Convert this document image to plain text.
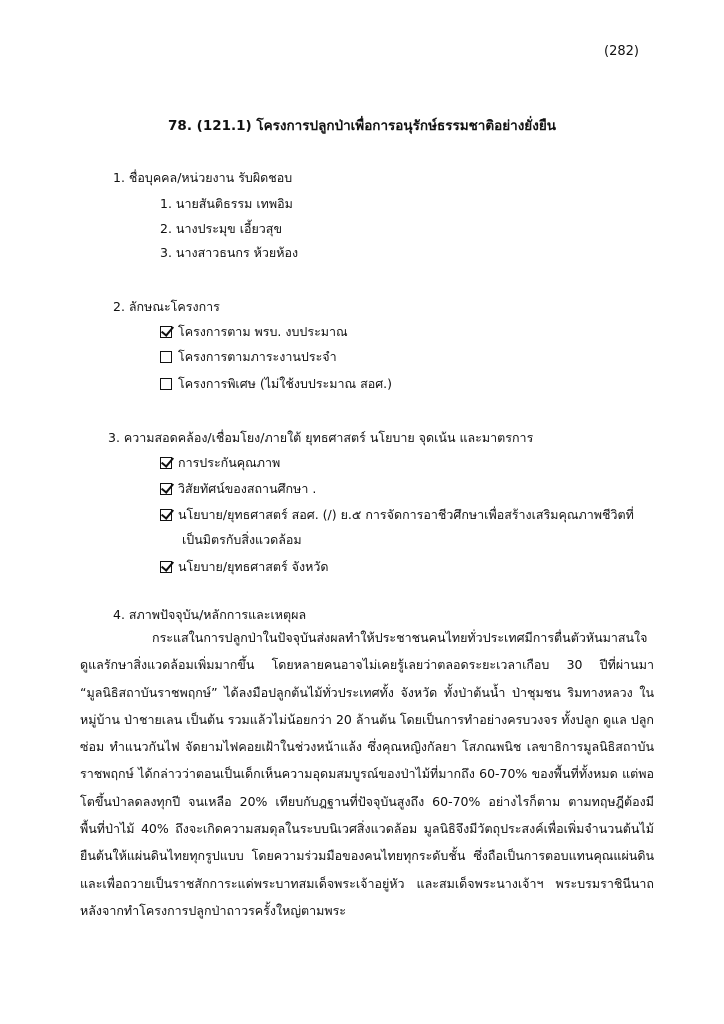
(282)
78. (121.1) โครงการปลูกป่าเพื่อการอนุรักษ์ธรรมชาติอย่างยั่งยืน
1. ชื่อบุคคล/หน่วยงาน รับผิดชอบ
1. นายสันติธรรม เทพอิม
2. นางประมุข เอี้ยวสุข
3. นางสาวธนกร ห้วยห้อง
2. ลักษณะโครงการ
โครงการตาม พรบ. งบประมาณ
โครงการตามภาระงานประจำ
โครงการพิเศษ (ไม่ใช้งบประมาณ สอศ.)
3. ความสอดคล้อง/เชื่อมโยง/ภายใต้ ยุทธศาสตร์ นโยบาย จุดเน้น และมาตรการ
การประกันคุณภาพ
วิสัยทัศน์ของสถานศึกษา .
นโยบาย/ยุทธศาสตร์ สอศ. (/) ย.๕ การจัดการอาชีวศึกษาเพื่อสร้างเสริมคุณภาพชีวิตที่
เป็นมิตรกับสิ่งแวดล้อม
นโยบาย/ยุทธศาสตร์ จังหวัด
4. สภาพปัจจุบัน/หลักการและเหตุผล
กระแสในการปลูกป่าในปัจจุบันส่งผลทำให้ประชาชนคนไทยทั่วประเทศมีการตื่นตัวหันมาสนใจดูแลรักษาสิ่งแวดล้อมเพิ่มมากขึ้น โดยหลายคนอาจไม่เคยรู้เลยว่าตลอดระยะเวลาเกือบ 30 ปีที่ผ่านมา “มูลนิธิสถาบันราชพฤกษ์” ได้ลงมือปลูกต้นไม้ทั่วประเทศทั้ง จังหวัด ทั้งป่าต้นน้ำ ป่าชุมชน ริมทางหลวง ในหมู่บ้าน ป่าชายเลน เป็นต้น รวมแล้วไม่น้อยกว่า 20 ล้านต้น โดยเป็นการทำอย่างครบวงจร ทั้งปลูก ดูแล ปลูกซ่อม ทำแนวกันไฟ จัดยามไฟคอยเฝ้าในช่วงหน้าแล้ง ซึ่งคุณหญิงกัลยา โสภณพนิช เลขาธิการมูลนิธิสถาบันราชพฤกษ์ ได้กล่าวว่าตอนเป็นเด็กเห็นความอุดมสมบูรณ์ของป่าไม้ที่มากถึง 60-70% ของพื้นที่ทั้งหมด แต่พอโตขึ้นป่าลดลงทุกปี จนเหลือ 20% เทียบกับฎฐานที่ปัจจุบันสูงถึง 60-70% อย่างไรก็ตาม ตามทฤษฎีต้องมีพื้นที่ป่าไม้ 40% ถึงจะเกิดความสมดุลในระบบนิเวศสิ่งแวดล้อม มูลนิธิจึงมีวัตถุประสงค์เพื่อเพิ่มจำนวนต้นไม้ยืนต้นให้แผ่นดินไทยทุกรูปแบบ โดยความร่วมมือของคนไทยทุกระดับชั้น ซึ่งถือเป็นการตอบแทนคุณแผ่นดิน และเพื่อถวายเป็นราชสักการะแด่พระบาทสมเด็จพระเจ้าอยู่หัว และสมเด็จพระนางเจ้าฯ พระบรมราชินีนาถ หลังจากทำโครงการปลูกป่าถาวรครั้งใหญ่ตามพระ
